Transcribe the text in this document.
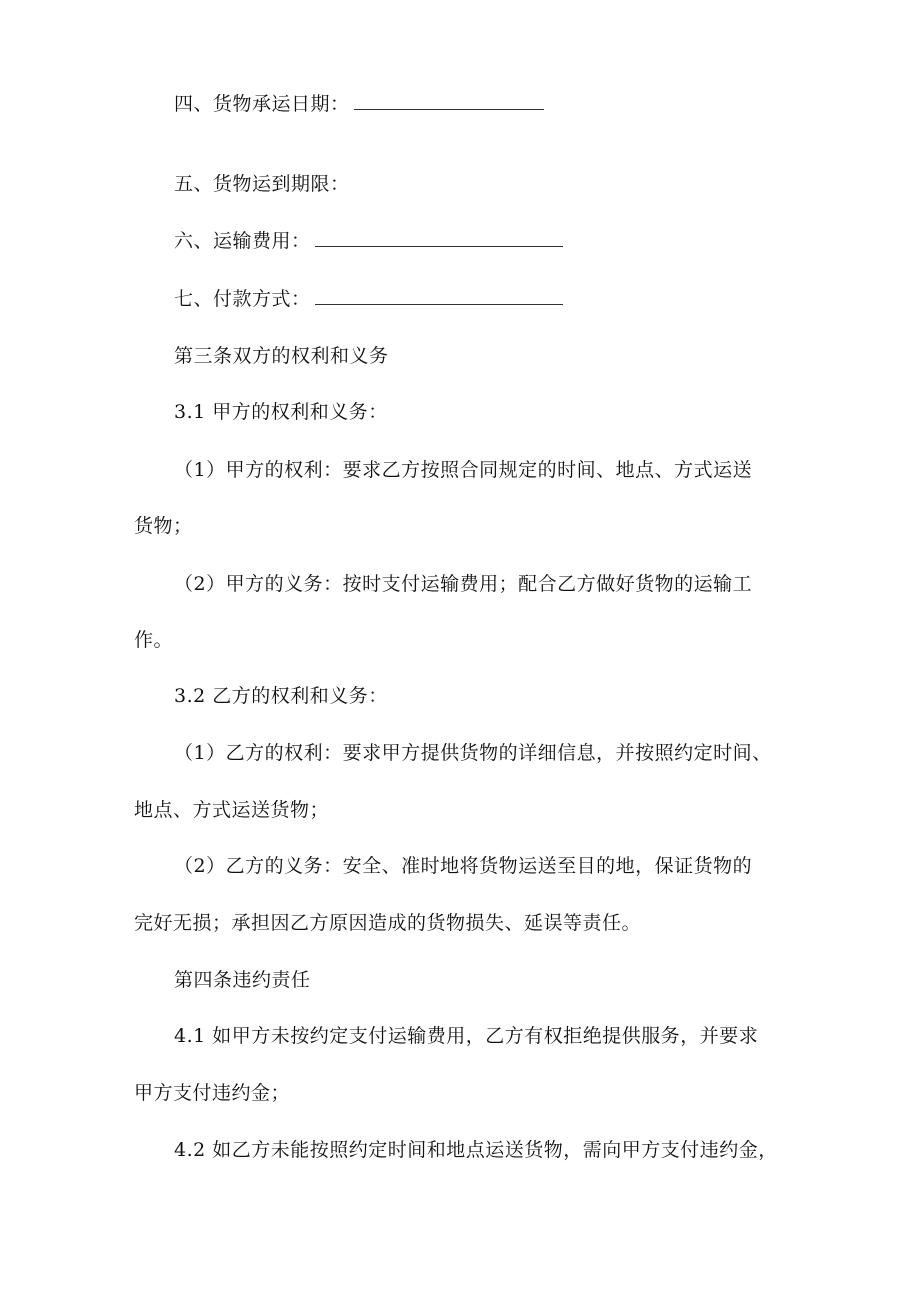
四、货物承运日期：
五、货物运到期限：
六、运输费用：
七、付款方式：
第三条双方的权利和义务
3.1 甲方的权利和义务：
（1）甲方的权利：要求乙方按照合同规定的时间、地点、方式运送
货物；
（2）甲方的义务：按时支付运输费用；配合乙方做好货物的运输工
作。
3.2 乙方的权利和义务：
（1）乙方的权利：要求甲方提供货物的详细信息，并按照约定时间、
地点、方式运送货物；
（2）乙方的义务：安全、准时地将货物运送至目的地，保证货物的
完好无损；承担因乙方原因造成的货物损失、延误等责任。
第四条违约责任
4.1 如甲方未按约定支付运输费用，乙方有权拒绝提供服务，并要求
甲方支付违约金；
4.2 如乙方未能按照约定时间和地点运送货物，需向甲方支付违约金，
